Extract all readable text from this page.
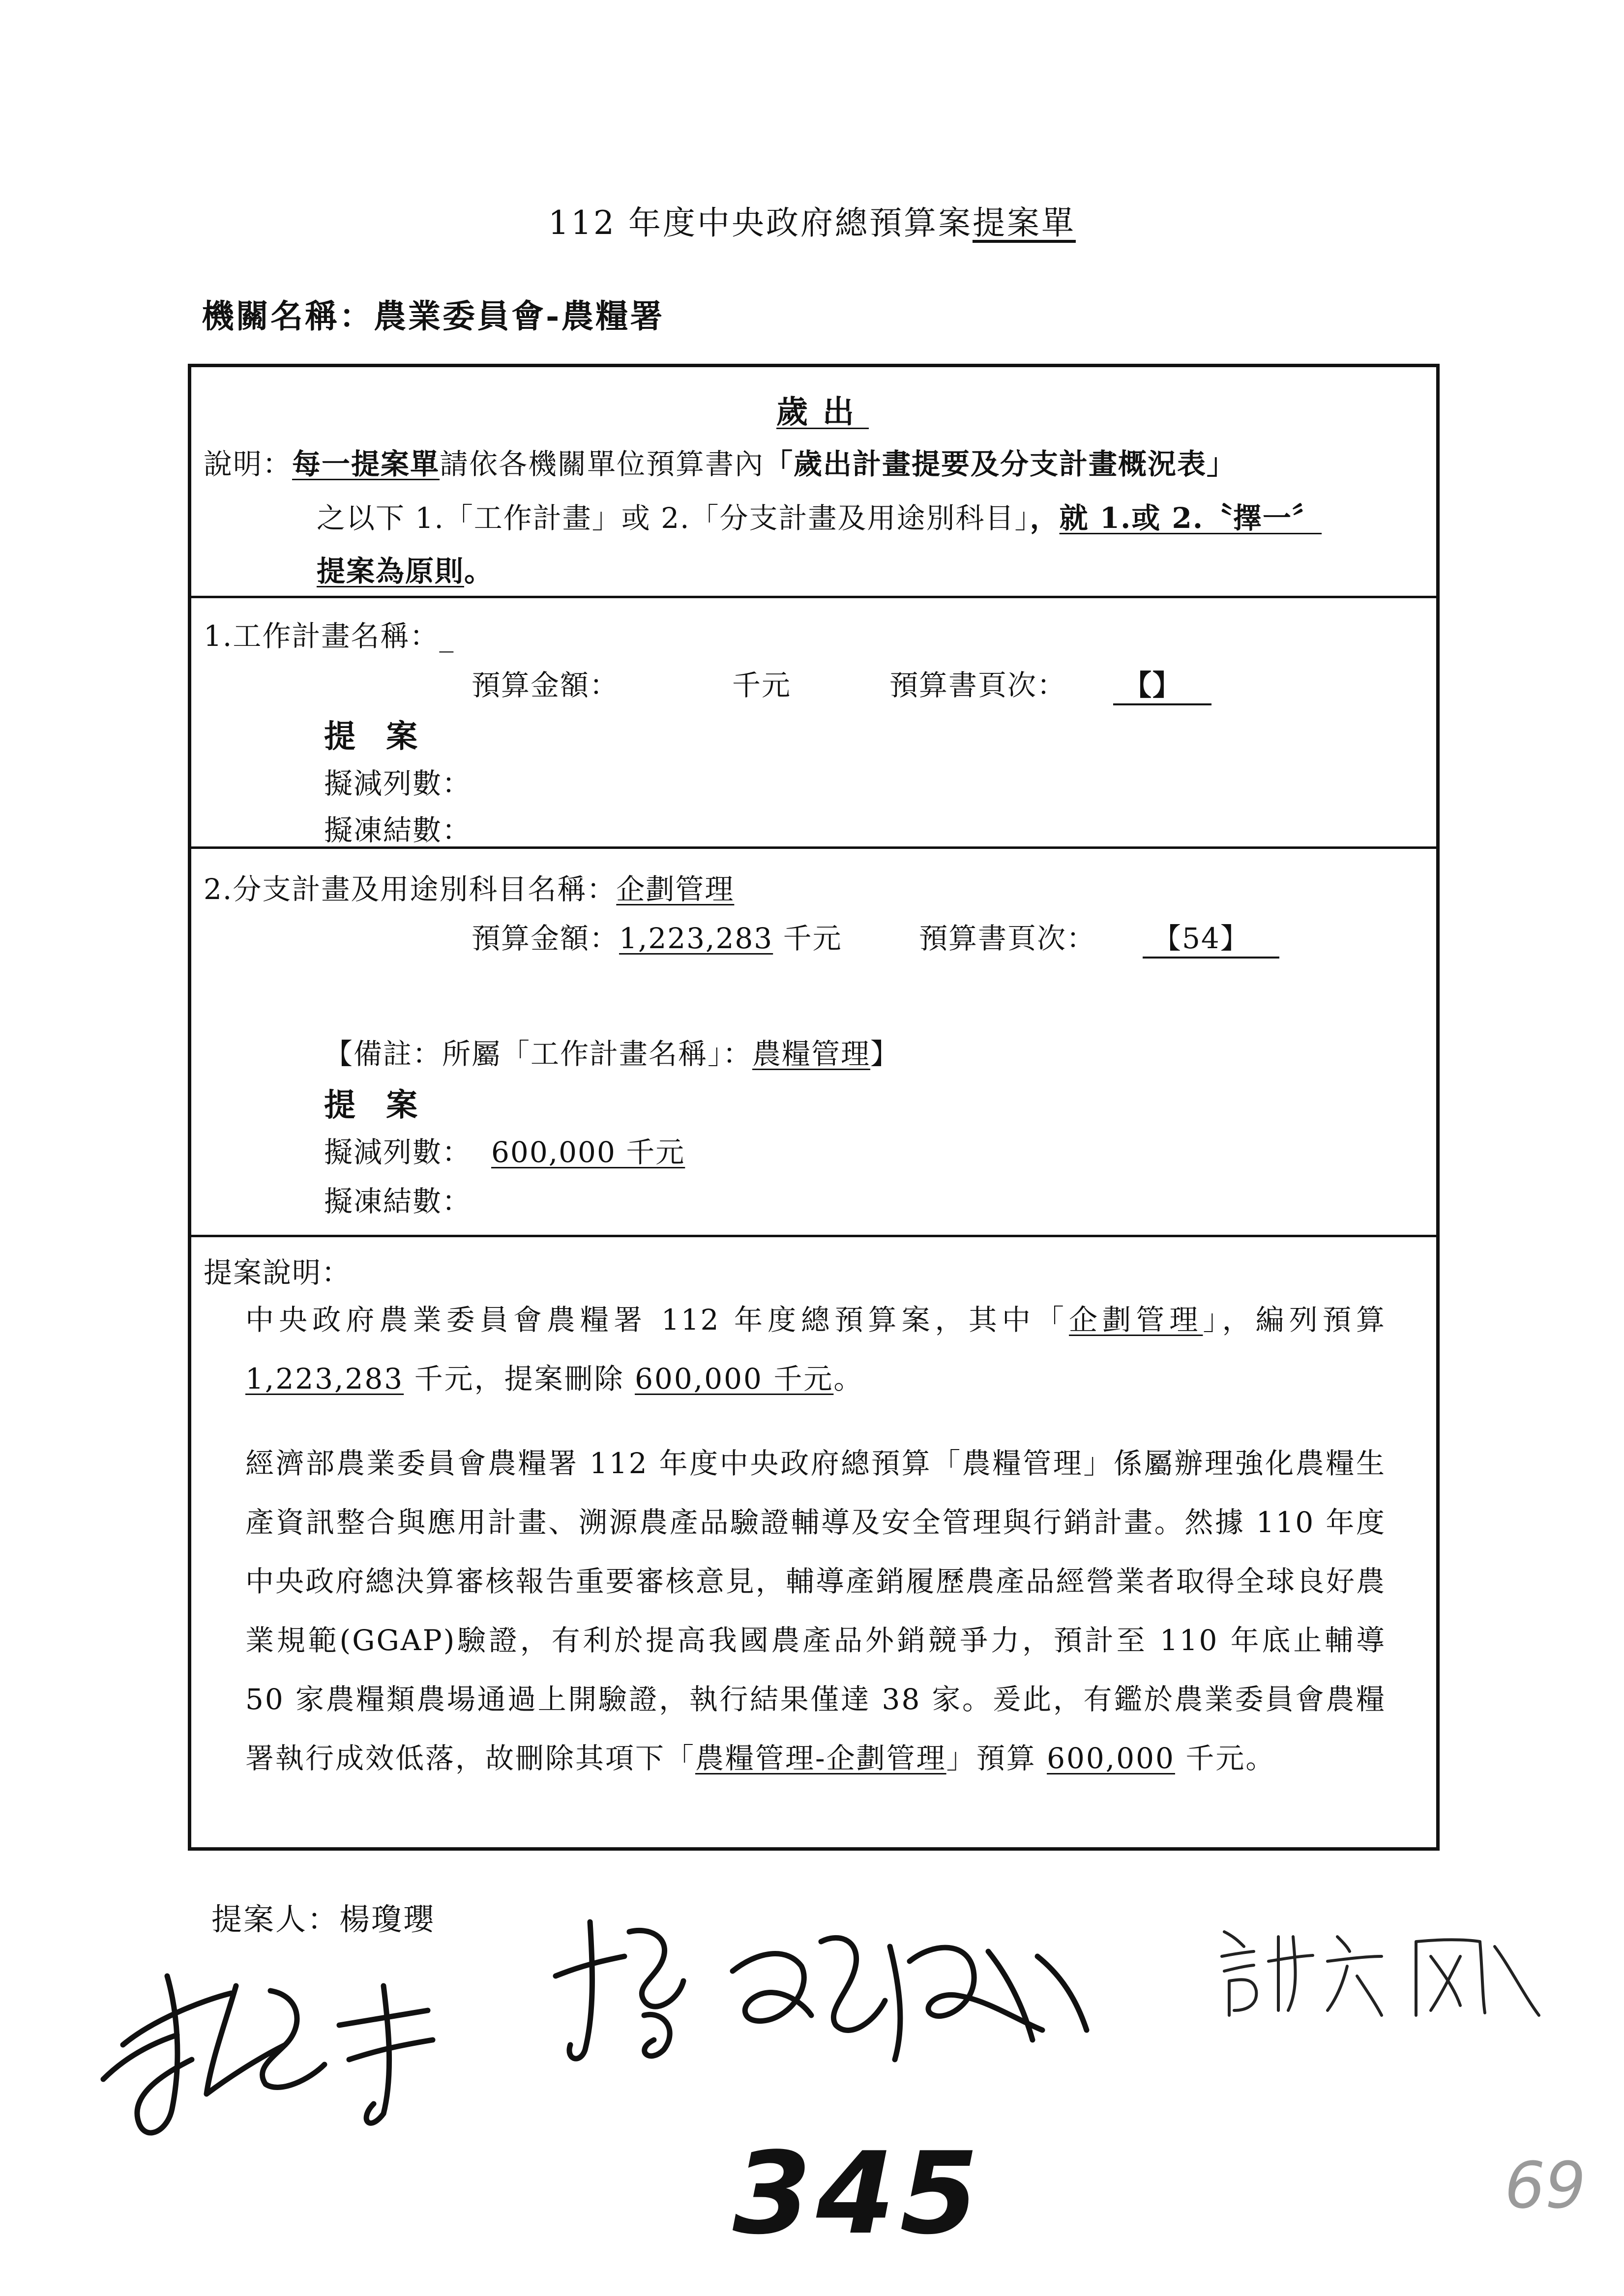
112 年度中央政府總預算案提案單
機關名稱：農業委員會-農糧署
歲出
說明：每一提案單請依各機關單位預算書內「歲出計畫提要及分支計畫概況表」
之以下 1.「工作計畫」或 2.「分支計畫及用途別科目」，就 1.或 2.〝擇一〞
提案為原則。
1.工作計畫名稱：_
預算金額：	千元	預算書頁次：	【】
提 案
擬減列數：
擬凍結數：
2.分支計畫及用途別科目名稱：企劃管理
預算金額：1,223,283 千元	預算書頁次：	【54】
【備註：所屬「工作計畫名稱」：農糧管理】
提 案
擬減列數： 600,000 千元
擬凍結數：
提案說明：
中央政府農業委員會農糧署 112 年度總預算案，其中「企劃管理」，編列預算 1,223,283 千元，提案刪除 600,000 千元。
經濟部農業委員會農糧署 112 年度中央政府總預算「農糧管理」係屬辦理強化農糧生產資訊整合與應用計畫、溯源農產品驗證輔導及安全管理與行銷計畫。然據 110 年度中央政府總決算審核報告重要審核意見，輔導產銷履歷農產品經營業者取得全球良好農業規範(GGAP)驗證，有利於提高我國農產品外銷競爭力，預計至 110 年底止輔導 50 家農糧類農場通過上開驗證，執行結果僅達 38 家。爰此，有鑑於農業委員會農糧署執行成效低落，故刪除其項下「農糧管理-企劃管理」預算 600,000 千元。
提案人：楊瓊瓔
345	69
